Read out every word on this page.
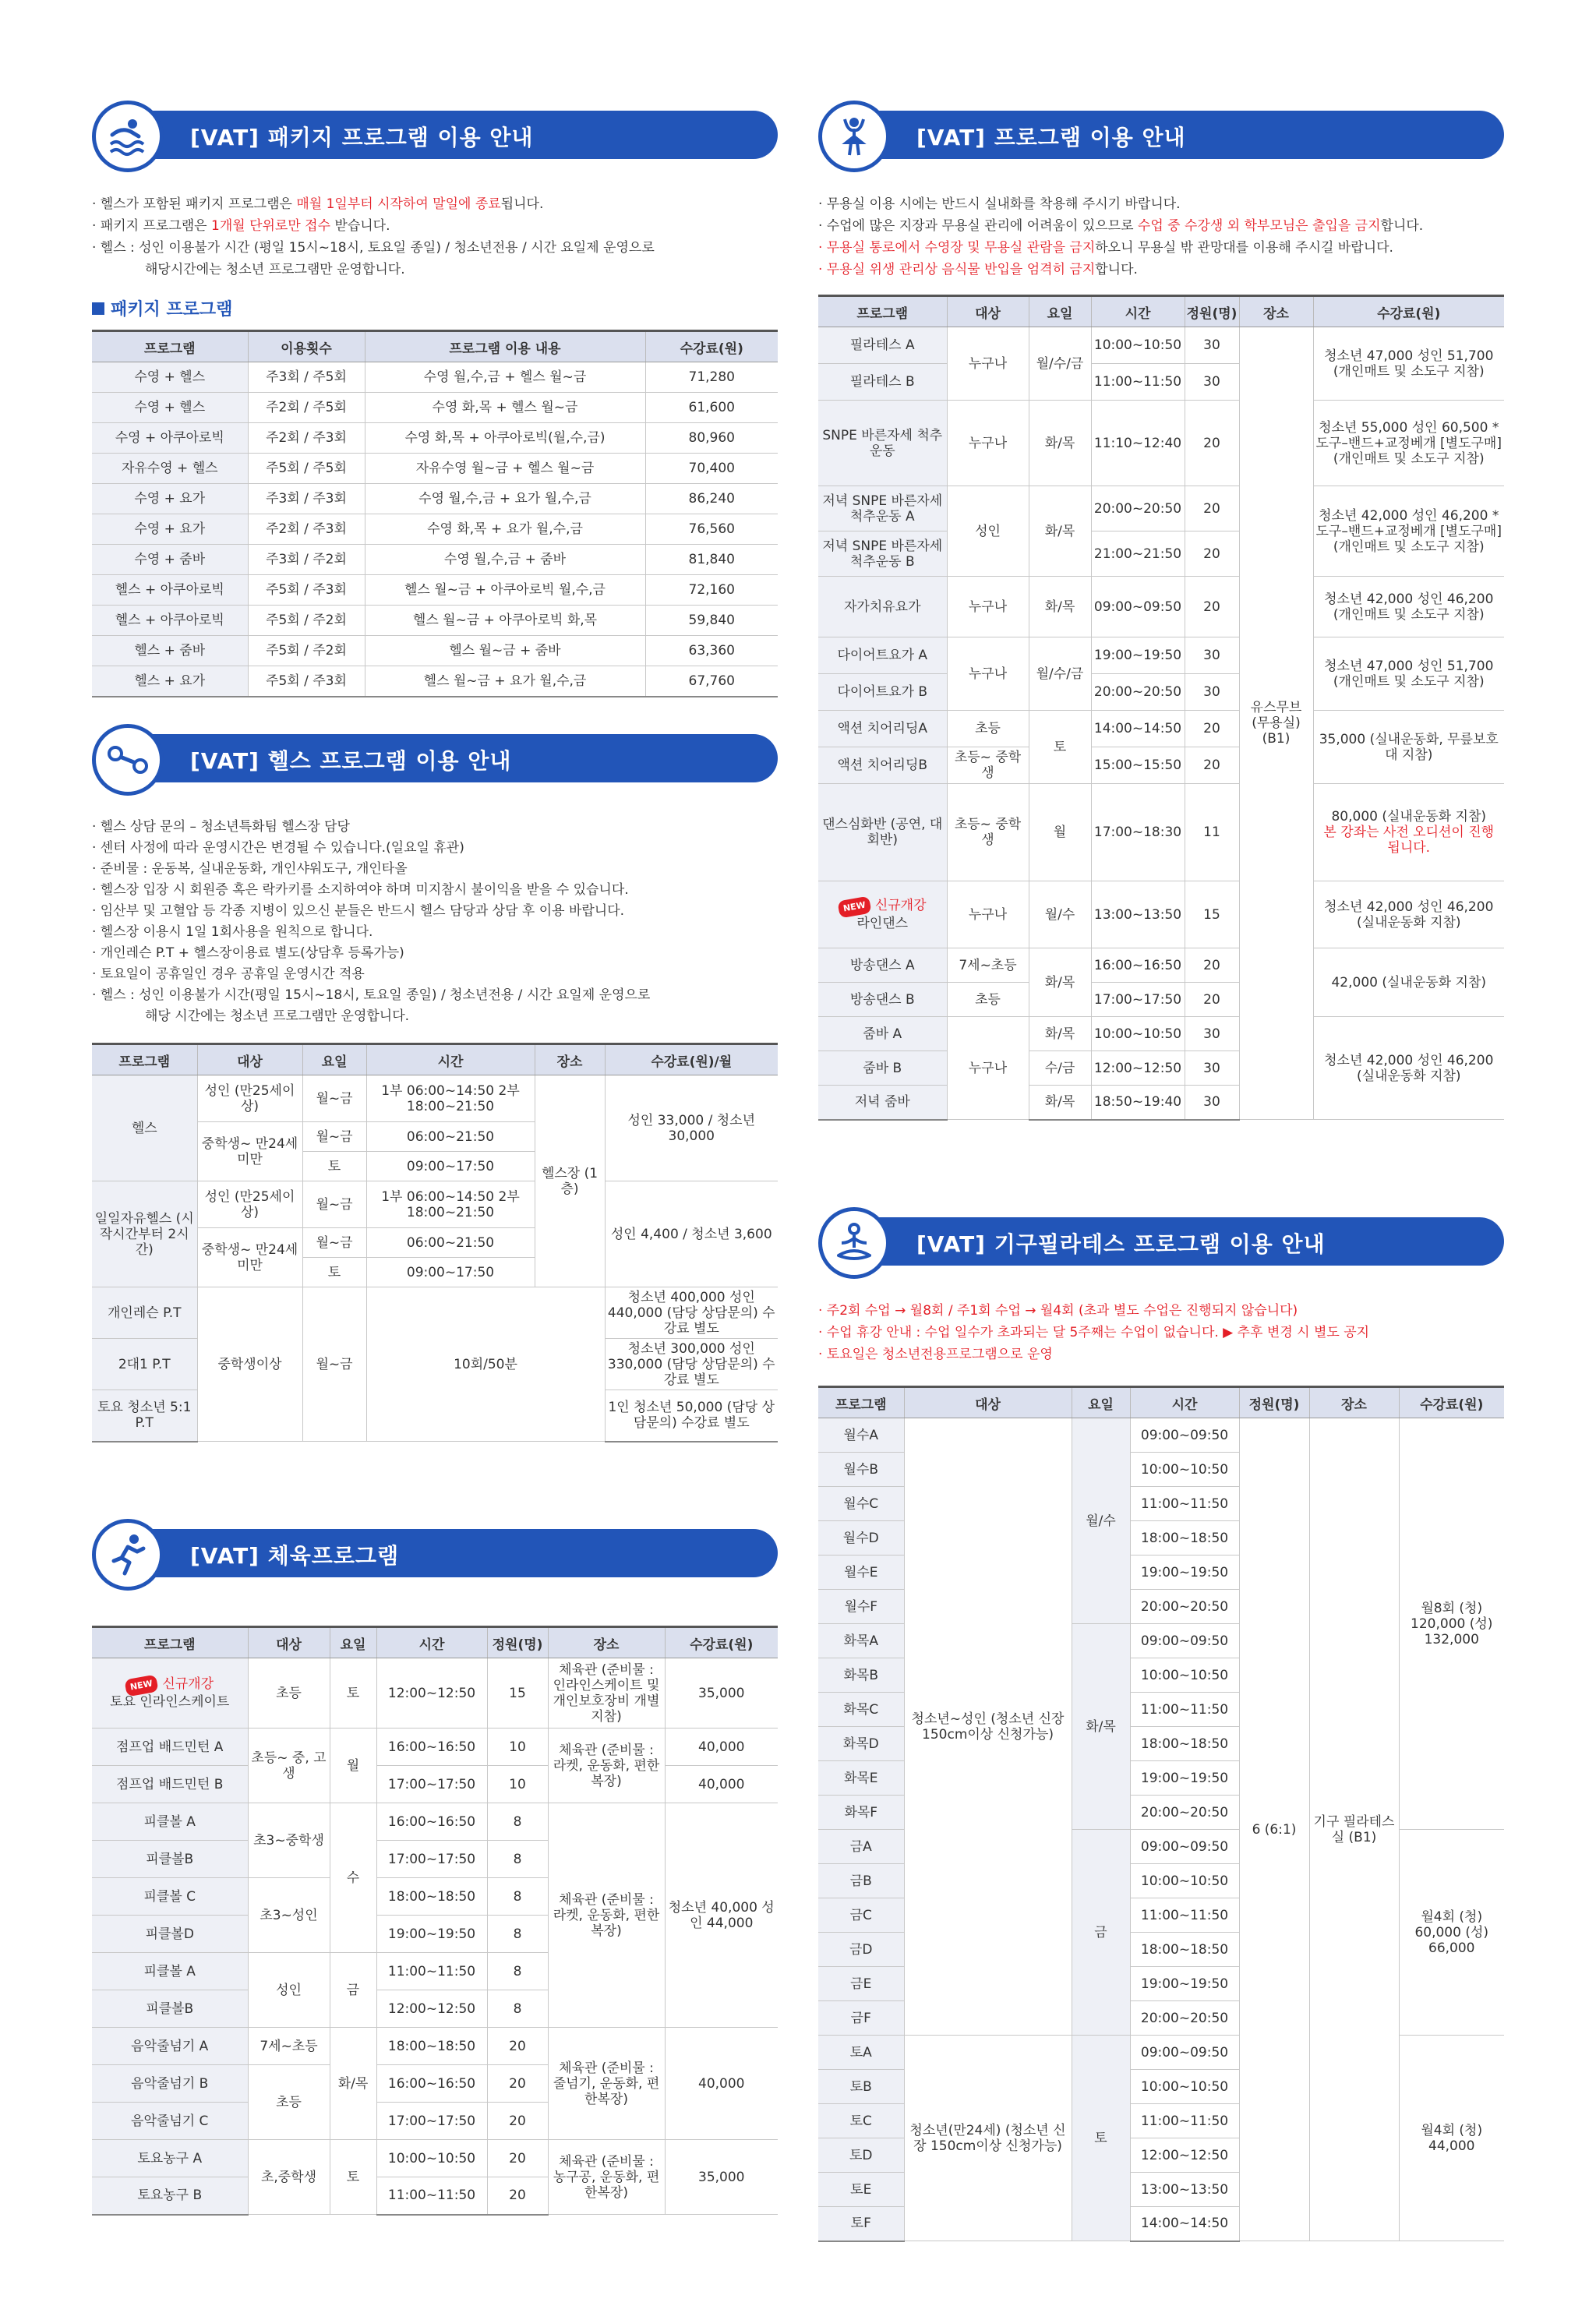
[VAT] 패키지 프로그램 이용 안내
· 헬스가 포함된 패키지 프로그램은 매월 1일부터 시작하여 말일에 종료됩니다.
· 패키지 프로그램은 1개월 단위로만 접수 받습니다.
· 헬스 : 성인 이용불가 시간 (평일 15시~18시, 토요일 종일) / 청소년전용 / 시간 요일제 운영으로
해당시간에는 청소년 프로그램만 운영합니다.
패키지 프로그램
프로그램	이용횟수	프로그램 이용 내용	수강료(원)
수영 + 헬스	주3회 / 주5회	수영 월,수,금 + 헬스 월~금	71,280
수영 + 헬스	주2회 / 주5회	수영 화,목 + 헬스 월~금	61,600
수영 + 아쿠아로빅	주2회 / 주3회	수영 화,목 + 아쿠아로빅(월,수,금)	80,960
자유수영 + 헬스	주5회 / 주5회	자유수영 월~금 + 헬스 월~금	70,400
수영 + 요가	주3회 / 주3회	수영 월,수,금 + 요가 월,수,금	86,240
수영 + 요가	주2회 / 주3회	수영 화,목 + 요가 월,수,금	76,560
수영 + 줌바	주3회 / 주2회	수영 월,수,금 + 줌바	81,840
헬스 + 아쿠아로빅	주5회 / 주3회	헬스 월~금 + 아쿠아로빅 월,수,금	72,160
헬스 + 아쿠아로빅	주5회 / 주2회	헬스 월~금 + 아쿠아로빅 화,목	59,840
헬스 + 줌바	주5회 / 주2회	헬스 월~금 + 줌바	63,360
헬스 + 요가	주5회 / 주3회	헬스 월~금 + 요가 월,수,금	67,760
[VAT] 헬스 프로그램 이용 안내
· 헬스 상담 문의 – 청소년특화팀 헬스장 담당
· 센터 사정에 따라 운영시간은 변경될 수 있습니다.(일요일 휴관)
· 준비물 : 운동복, 실내운동화, 개인샤워도구, 개인타올
· 헬스장 입장 시 회원증 혹은 락카키를 소지하여야 하며 미지참시 불이익을 받을 수 있습니다.
· 임산부 및 고혈압 등 각종 지병이 있으신 분들은 반드시 헬스 담당과 상담 후 이용 바랍니다.
· 헬스장 이용시 1일 1회사용을 원칙으로 합니다.
· 개인레슨 P.T + 헬스장이용료 별도(상담후 등록가능)
· 토요일이 공휴일인 경우 공휴일 운영시간 적용
· 헬스 : 성인 이용불가 시간(평일 15시~18시, 토요일 종일) / 청소년전용 / 시간 요일제 운영으로
해당 시간에는 청소년 프로그램만 운영합니다.
프로그램	대상	요일	시간	장소	수강료(원)/월
헬스	성인 (만25세이상)	월~금	1부 06:00~14:50 2부 18:00~21:50	헬스장 (1층)	성인 33,000 / 청소년 30,000
	중학생~ 만24세미만	월~금	06:00~21:50		
		토	09:00~17:50		
일일자유헬스 (시작시간부터 2시간)	성인 (만25세이상)	월~금	1부 06:00~14:50 2부 18:00~21:50		성인 4,400 / 청소년 3,600
	중학생~ 만24세미만	월~금	06:00~21:50		
		토	09:00~17:50		
개인레슨 P.T	중학생이상	월~금	10회/50분		청소년 400,000 성인 440,000 (담당 상담문의) 수강료 별도
2대1 P.T					청소년 300,000 성인 330,000 (담당 상담문의) 수강료 별도
토요 청소년 5:1 P.T					1인 청소년 50,000 (담당 상담문의) 수강료 별도
[VAT] 체육프로그램
프로그램	대상	요일	시간	정원(명)	장소	수강료(원)
NEW 신규개강
토요 인라인스케이트	초등	토	12:00~12:50	15	체육관 (준비물 : 인라인스케이트 및 개인보호장비 개별지참)	35,000
점프업 배드민턴 A	초등~ 중, 고생	월	16:00~16:50	10	체육관 (준비물 : 라켓, 운동화, 편한복장)	40,000
점프업 배드민턴 B			17:00~17:50	10		40,000
피클볼 A	초3~중학생	수	16:00~16:50	8	체육관 (준비물 : 라켓, 운동화, 편한복장)	청소년 40,000 성인 44,000
피클볼B			17:00~17:50	8		
피클볼 C	초3~성인		18:00~18:50	8		
피클볼D			19:00~19:50	8		
피클볼 A	성인	금	11:00~11:50	8		
피클볼B			12:00~12:50	8		
음악줄넘기 A	7세~초등	화/목	18:00~18:50	20	체육관 (준비물 : 줄넘기, 운동화, 편한복장)	40,000
음악줄넘기 B	초등		16:00~16:50	20		
음악줄넘기 C			17:00~17:50	20		
토요농구 A	초,중학생	토	10:00~10:50	20	체육관 (준비물 : 농구공, 운동화, 편한복장)	35,000
토요농구 B			11:00~11:50	20		
[VAT] 프로그램 이용 안내
· 무용실 이용 시에는 반드시 실내화를 착용해 주시기 바랍니다.
· 수업에 많은 지장과 무용실 관리에 어려움이 있으므로 수업 중 수강생 외 학부모님은 출입을 금지합니다.
· 무용실 통로에서 수영장 및 무용실 관람을 금지하오니 무용실 밖 관망대를 이용해 주시길 바랍니다.
· 무용실 위생 관리상 음식물 반입을 엄격히 금지합니다.
프로그램	대상	요일	시간	정원(명)	장소	수강료(원)
필라테스 A	누구나	월/수/금	10:00~10:50	30	유스무브 (무용실) (B1)	청소년 47,000 성인 51,700 (개인매트 및 소도구 지참)
필라테스 B			11:00~11:50	30		
SNPE 바른자세 척추운동	누구나	화/목	11:10~12:40	20		청소년 55,000 성인 60,500 *도구–밴드+교정베개 [별도구매] (개인매트 및 소도구 지참)
저녁 SNPE 바른자세 척추운동 A	성인	화/목	20:00~20:50	20		청소년 42,000 성인 46,200 *도구–밴드+교정베개 [별도구매] (개인매트 및 소도구 지참)
저녁 SNPE 바른자세 척추운동 B			21:00~21:50	20		
자가치유요가	누구나	화/목	09:00~09:50	20		청소년 42,000 성인 46,200 (개인매트 및 소도구 지참)
다이어트요가 A	누구나	월/수/금	19:00~19:50	30		청소년 47,000 성인 51,700 (개인매트 및 소도구 지참)
다이어트요가 B			20:00~20:50	30		
액션 치어리딩A	초등	토	14:00~14:50	20		35,000 (실내운동화, 무릎보호대 지참)
액션 치어리딩B	초등~ 중학생		15:00~15:50	20		
댄스심화반 (공연, 대회반)	초등~ 중학생	월	17:00~18:30	11		80,000 (실내운동화 지참)
본 강좌는 사전 오디션이 진행 됩니다.
NEW 신규개강
라인댄스	누구나	월/수	13:00~13:50	15		청소년 42,000 성인 46,200 (실내운동화 지참)
방송댄스 A	7세~초등	화/목	16:00~16:50	20		42,000 (실내운동화 지참)
방송댄스 B	초등		17:00~17:50	20		
줌바 A	누구나	화/목	10:00~10:50	30		청소년 42,000 성인 46,200 (실내운동화 지참)
줌바 B		수/금	12:00~12:50	30		
저녁 줌바		화/목	18:50~19:40	30		
[VAT] 기구필라테스 프로그램 이용 안내
· 주2회 수업 → 월8회 / 주1회 수업 → 월4회 (초과 별도 수업은 진행되지 않습니다)
· 수업 휴강 안내 : 수업 일수가 초과되는 달 5주째는 수업이 없습니다. ▶ 추후 변경 시 별도 공지
· 토요일은 청소년전용프로그램으로 운영
프로그램	대상	요일	시간	정원(명)	장소	수강료(원)
월수A	청소년~성인 (청소년 신장 150cm이상 신청가능)	월/수	09:00~09:50	6 (6:1)	기구 필라테스실 (B1)	월8회 (청) 120,000 (성) 132,000
월수B			10:00~10:50			
월수C			11:00~11:50			
월수D			18:00~18:50			
월수E			19:00~19:50			
월수F			20:00~20:50			
화목A		화/목	09:00~09:50			
화목B			10:00~10:50			
화목C			11:00~11:50			
화목D			18:00~18:50			
화목E			19:00~19:50			
화목F			20:00~20:50			
금A		금	09:00~09:50			월4회 (청) 60,000 (성) 66,000
금B			10:00~10:50			
금C			11:00~11:50			
금D			18:00~18:50			
금E			19:00~19:50			
금F			20:00~20:50			
토A	청소년(만24세) (청소년 신장 150cm이상 신청가능)	토	09:00~09:50			월4회 (청) 44,000
토B			10:00~10:50			
토C			11:00~11:50			
토D			12:00~12:50			
토E			13:00~13:50			
토F			14:00~14:50			
